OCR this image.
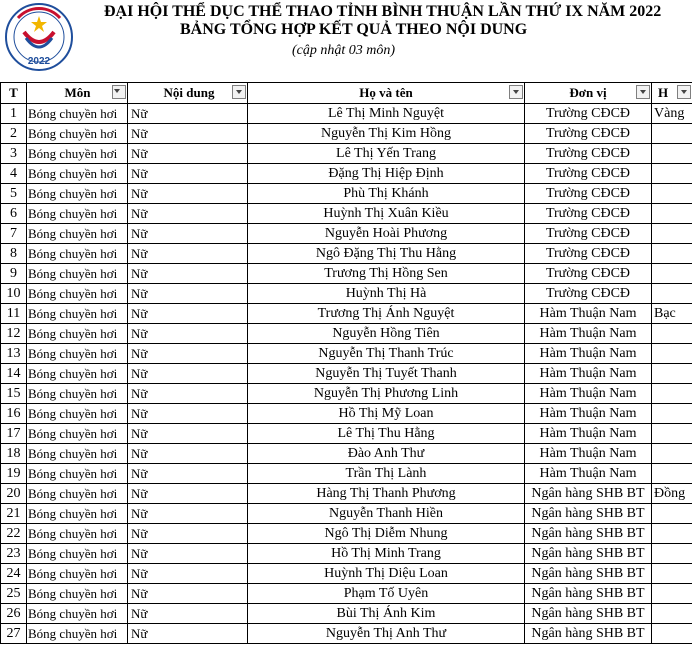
2022
ĐẠI HỘI THỂ DỤC THỂ THAO TỈNH BÌNH THUẬN LẦN THỨ IX NĂM 2022
BẢNG TỔNG HỢP KẾT QUẢ THEO NỘI DUNG
(cập nhật 03 môn)
T	Môn	Nội dung	Họ và tên	Đơn vị	H

1	Bóng chuyền hơi	Nữ	Lê Thị Minh Nguyệt	Trường CĐCĐ	Vàng
2	Bóng chuyền hơi	Nữ	Nguyễn Thị Kim Hồng	Trường CĐCĐ	
3	Bóng chuyền hơi	Nữ	Lê Thị Yến Trang	Trường CĐCĐ	
4	Bóng chuyền hơi	Nữ	Đặng Thị Hiệp Định	Trường CĐCĐ	
5	Bóng chuyền hơi	Nữ	Phù Thị Khánh	Trường CĐCĐ	
6	Bóng chuyền hơi	Nữ	Huỳnh Thị Xuân Kiều	Trường CĐCĐ	
7	Bóng chuyền hơi	Nữ	Nguyễn Hoài Phương	Trường CĐCĐ	
8	Bóng chuyền hơi	Nữ	Ngô Đặng Thị Thu Hằng	Trường CĐCĐ	
9	Bóng chuyền hơi	Nữ	Trương Thị Hồng Sen	Trường CĐCĐ	
10	Bóng chuyền hơi	Nữ	Huỳnh Thị Hà	Trường CĐCĐ	
11	Bóng chuyền hơi	Nữ	Trương Thị Ánh Nguyệt	Hàm Thuận Nam	Bạc
12	Bóng chuyền hơi	Nữ	Nguyễn Hồng Tiên	Hàm Thuận Nam	
13	Bóng chuyền hơi	Nữ	Nguyễn Thị Thanh Trúc	Hàm Thuận Nam	
14	Bóng chuyền hơi	Nữ	Nguyễn Thị Tuyết Thanh	Hàm Thuận Nam	
15	Bóng chuyền hơi	Nữ	Nguyễn Thị Phương Linh	Hàm Thuận Nam	
16	Bóng chuyền hơi	Nữ	Hồ Thị Mỹ Loan	Hàm Thuận Nam	
17	Bóng chuyền hơi	Nữ	Lê Thị Thu Hằng	Hàm Thuận Nam	
18	Bóng chuyền hơi	Nữ	Đào Anh Thư	Hàm Thuận Nam	
19	Bóng chuyền hơi	Nữ	Trần Thị Lành	Hàm Thuận Nam	
20	Bóng chuyền hơi	Nữ	Hàng Thị Thanh Phương	Ngân hàng SHB BT	Đồng
21	Bóng chuyền hơi	Nữ	Nguyễn Thanh Hiền	Ngân hàng SHB BT	
22	Bóng chuyền hơi	Nữ	Ngô Thị Diễm Nhung	Ngân hàng SHB BT	
23	Bóng chuyền hơi	Nữ	Hồ Thị Minh Trang	Ngân hàng SHB BT	
24	Bóng chuyền hơi	Nữ	Huỳnh Thị Diệu Loan	Ngân hàng SHB BT	
25	Bóng chuyền hơi	Nữ	Phạm Tố Uyên	Ngân hàng SHB BT	
26	Bóng chuyền hơi	Nữ	Bùi Thị Ánh Kim	Ngân hàng SHB BT	
27	Bóng chuyền hơi	Nữ	Nguyễn Thị Anh Thư	Ngân hàng SHB BT	
